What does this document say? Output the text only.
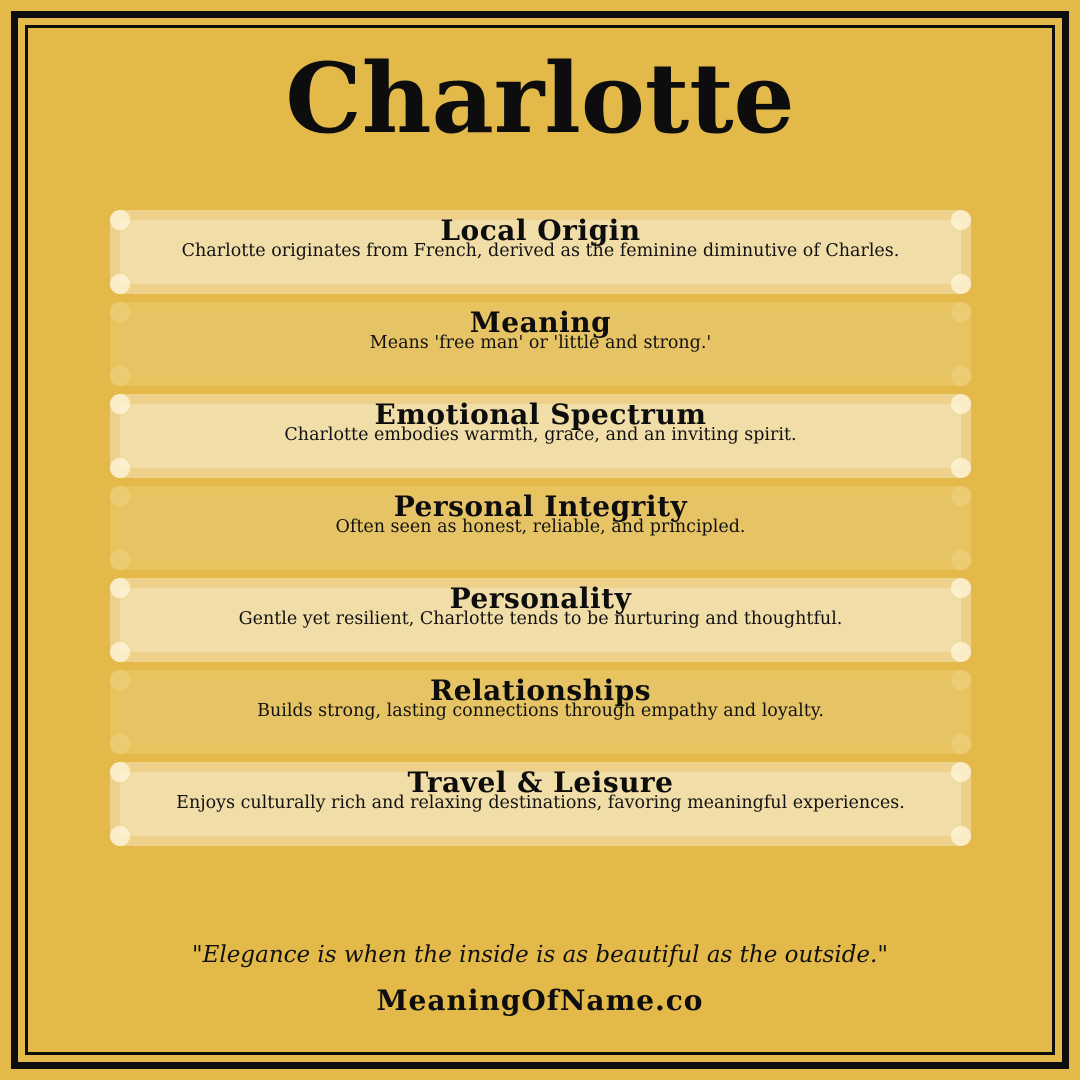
Charlotte
Local Origin
Charlotte originates from French, derived as the feminine diminutive of Charles.
Meaning
Means 'free man' or 'little and strong.'
Emotional Spectrum
Charlotte embodies warmth, grace, and an inviting spirit.
Personal Integrity
Often seen as honest, reliable, and principled.
Personality
Gentle yet resilient, Charlotte tends to be nurturing and thoughtful.
Relationships
Builds strong, lasting connections through empathy and loyalty.
Travel & Leisure
Enjoys culturally rich and relaxing destinations, favoring meaningful experiences.
"Elegance is when the inside is as beautiful as the outside."
MeaningOfName.co
